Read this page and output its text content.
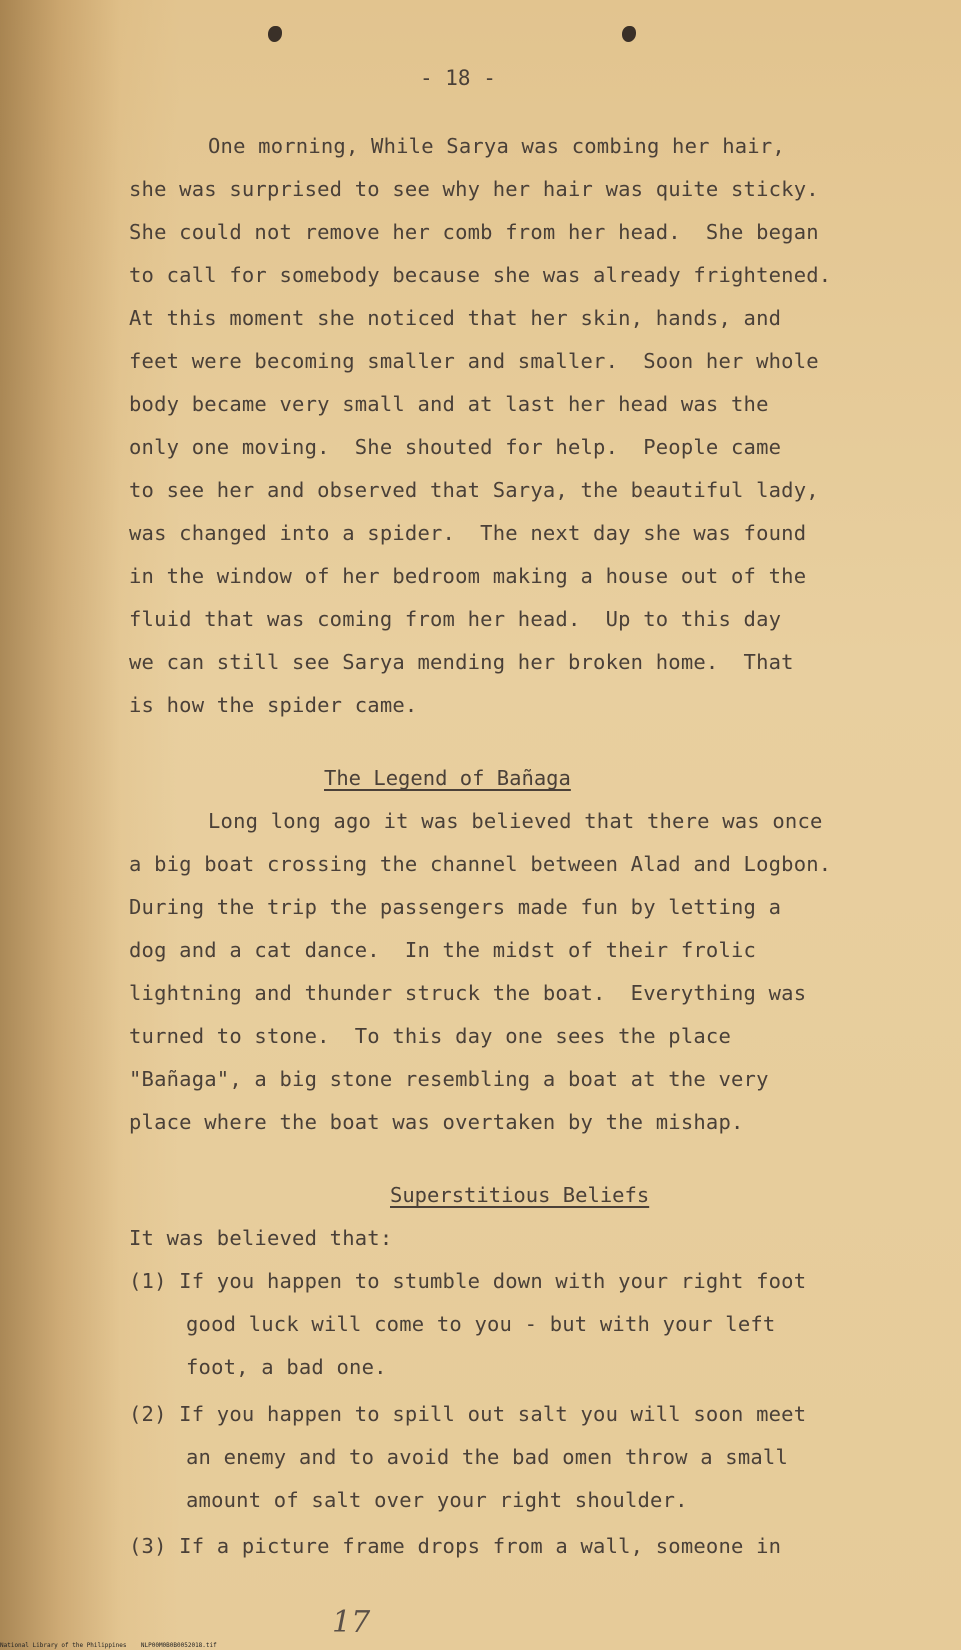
- 18 -
One morning, While Sarya was combing her hair,
she was surprised to see why her hair was quite sticky.
She could not remove her comb from her head.  She began
to call for somebody because she was already frightened.
At this moment she noticed that her skin, hands, and
feet were becoming smaller and smaller.  Soon her whole
body became very small and at last her head was the
only one moving.  She shouted for help.  People came
to see her and observed that Sarya, the beautiful lady,
was changed into a spider.  The next day she was found
in the window of her bedroom making a house out of the
fluid that was coming from her head.  Up to this day
we can still see Sarya mending her broken home.  That
is how the spider came.
The Legend of Bañaga
Long long ago it was believed that there was once
a big boat crossing the channel between Alad and Logbon.
During the trip the passengers made fun by letting a
dog and a cat dance.  In the midst of their frolic
lightning and thunder struck the boat.  Everything was
turned to stone.  To this day one sees the place
"Bañaga", a big stone resembling a boat at the very
place where the boat was overtaken by the mishap.
Superstitious Beliefs
It was believed that:
(1) If you happen to stumble down with your right foot
good luck will come to you - but with your left
foot, a bad one.
(2) If you happen to spill out salt you will soon meet
an enemy and to avoid the bad omen throw a small
amount of salt over your right shoulder.
(3) If a picture frame drops from a wall, someone in
17
National Library of the Philippines    NLP00M0B0B0052018.tif
